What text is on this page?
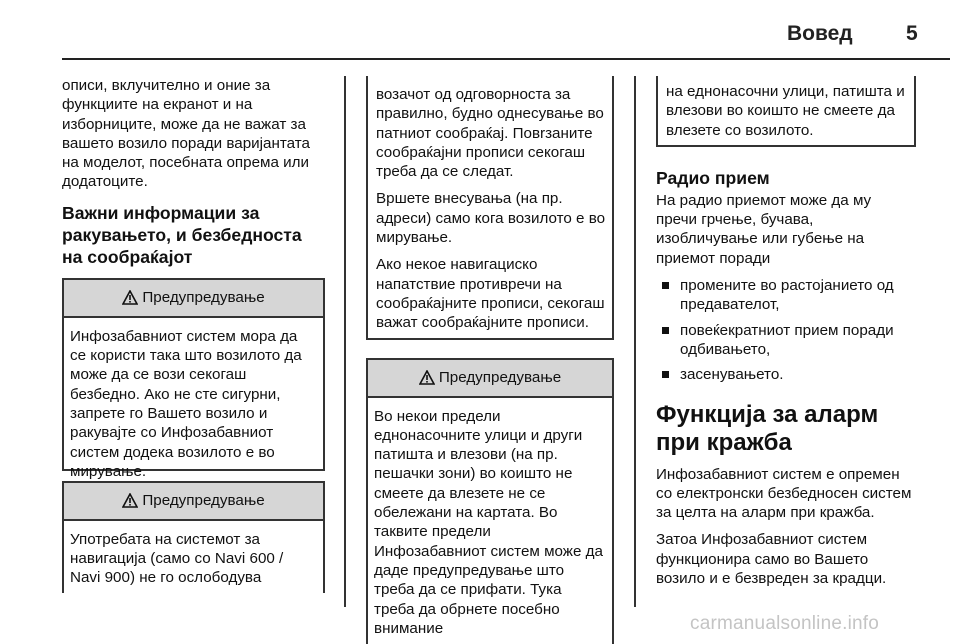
Вовед	5

описи, вклучително и оние за функциите на екранот и на изборниците, може да не важат за вашето возило поради варијантата на моделот, посебната опрема или додатоците.

Важни информации за ракувањето, и безбедноста на сообраќајот
Предупредување

Инфозабавниот систем мора да се користи така што возилото да може да се вози секогаш безбедно. Ако не сте сигурни, запрете го Вашето возило и ракувајте со Инфозабавниот систем додека возилото е во мирување.

Предупредување

Употребата на системот за навигација (само со Navi 600 / Navi 900) не го ослободува

возачот од одговорноста за правилно, будно однесување во патниот сообраќај. Повrзаните сообраќајни прописи секогаш треба да се следат.

Вршете внесувања (на пр. адреси) само кога возилото е во мирување.

Ако некое навигациско напатствие противречи на сообраќајните прописи, секогаш важат сообраќајните прописи.

Предупредување

Во некои предели еднонасочните улици и други патишта и влезови (на пр. пешачки зони) во коишто не смеете да влезете не се обележани на картата. Во таквите предели Инфозабавниот систем може да даде предупредување што треба да се прифати. Тука треба да обрнете посебно внимание

на еднонасочни улици, патишта и влезови во коишто не смеете да влезете со возилото.

Радио прием

На радио приемот може да му пречи грчење, бучава, изобличување или губење на приемот поради

промените во растојанието од предавателот,
повеќекратниот прием поради одбивањето,
засенувањето.
Функција за аларм при кражба

Инфозабавниот систем е опремен со електронски безбедносен систем за целта на аларм при кражба.

Затоа Инфозабавниот систем функционира само во Вашето возило и е безвреден за крадци.

carmanualsonline.info
